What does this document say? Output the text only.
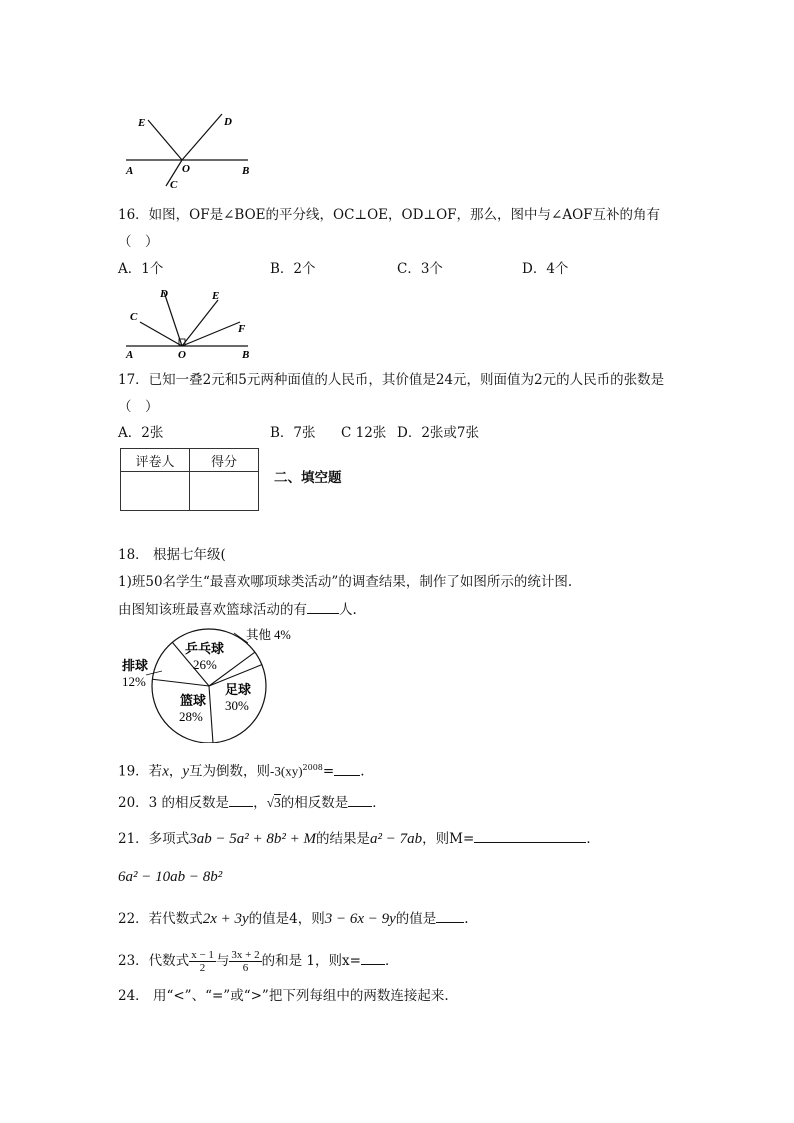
E	D
O
A	B
C
16．如图，OF是∠BOE的平分线，OC⊥OE，OD⊥OF，那么，图中与∠AOF互补的角有
（　）
A．1个	B．2个	C．3个	D．4个
D	E
C
F
A	O	B
17．已知一叠2元和5元两种面值的人民币，其价值是24元，则面值为2元的人民币的张数是
（　）
A．2张	B．7张 C 12张 D．2张或7张
评卷人	得分

二、填空题
18． 根据七年级(
1)班50名学生“最喜欢哪项球类活动”的调查结果，制作了如图所示的统计图.
由图知该班最喜欢篮球活动的有 人.
乒乓球
26%
其他 4%
足球
30%
篮球
28%
排球
12%
19．若x，y互为倒数，则-3(xy)$^{2008}$= .
20．3 的相反数是 ，√3的相反数是 ．
21．多项式3ab − 5a² + 8b² + M的结果是a² − 7ab，则M=	．
6a² − 10ab − 8b²
22．若代数式2x + 3y的值是4，则3 − 6x − 9y的值是 .
23．代数式 $\frac{x - 1}{2}$ 与 $\frac{3x + 2}{6}$ 的和是 1，则x= ．
24． 用“<”、“=”或“>”把下列每组中的两数连接起来.
